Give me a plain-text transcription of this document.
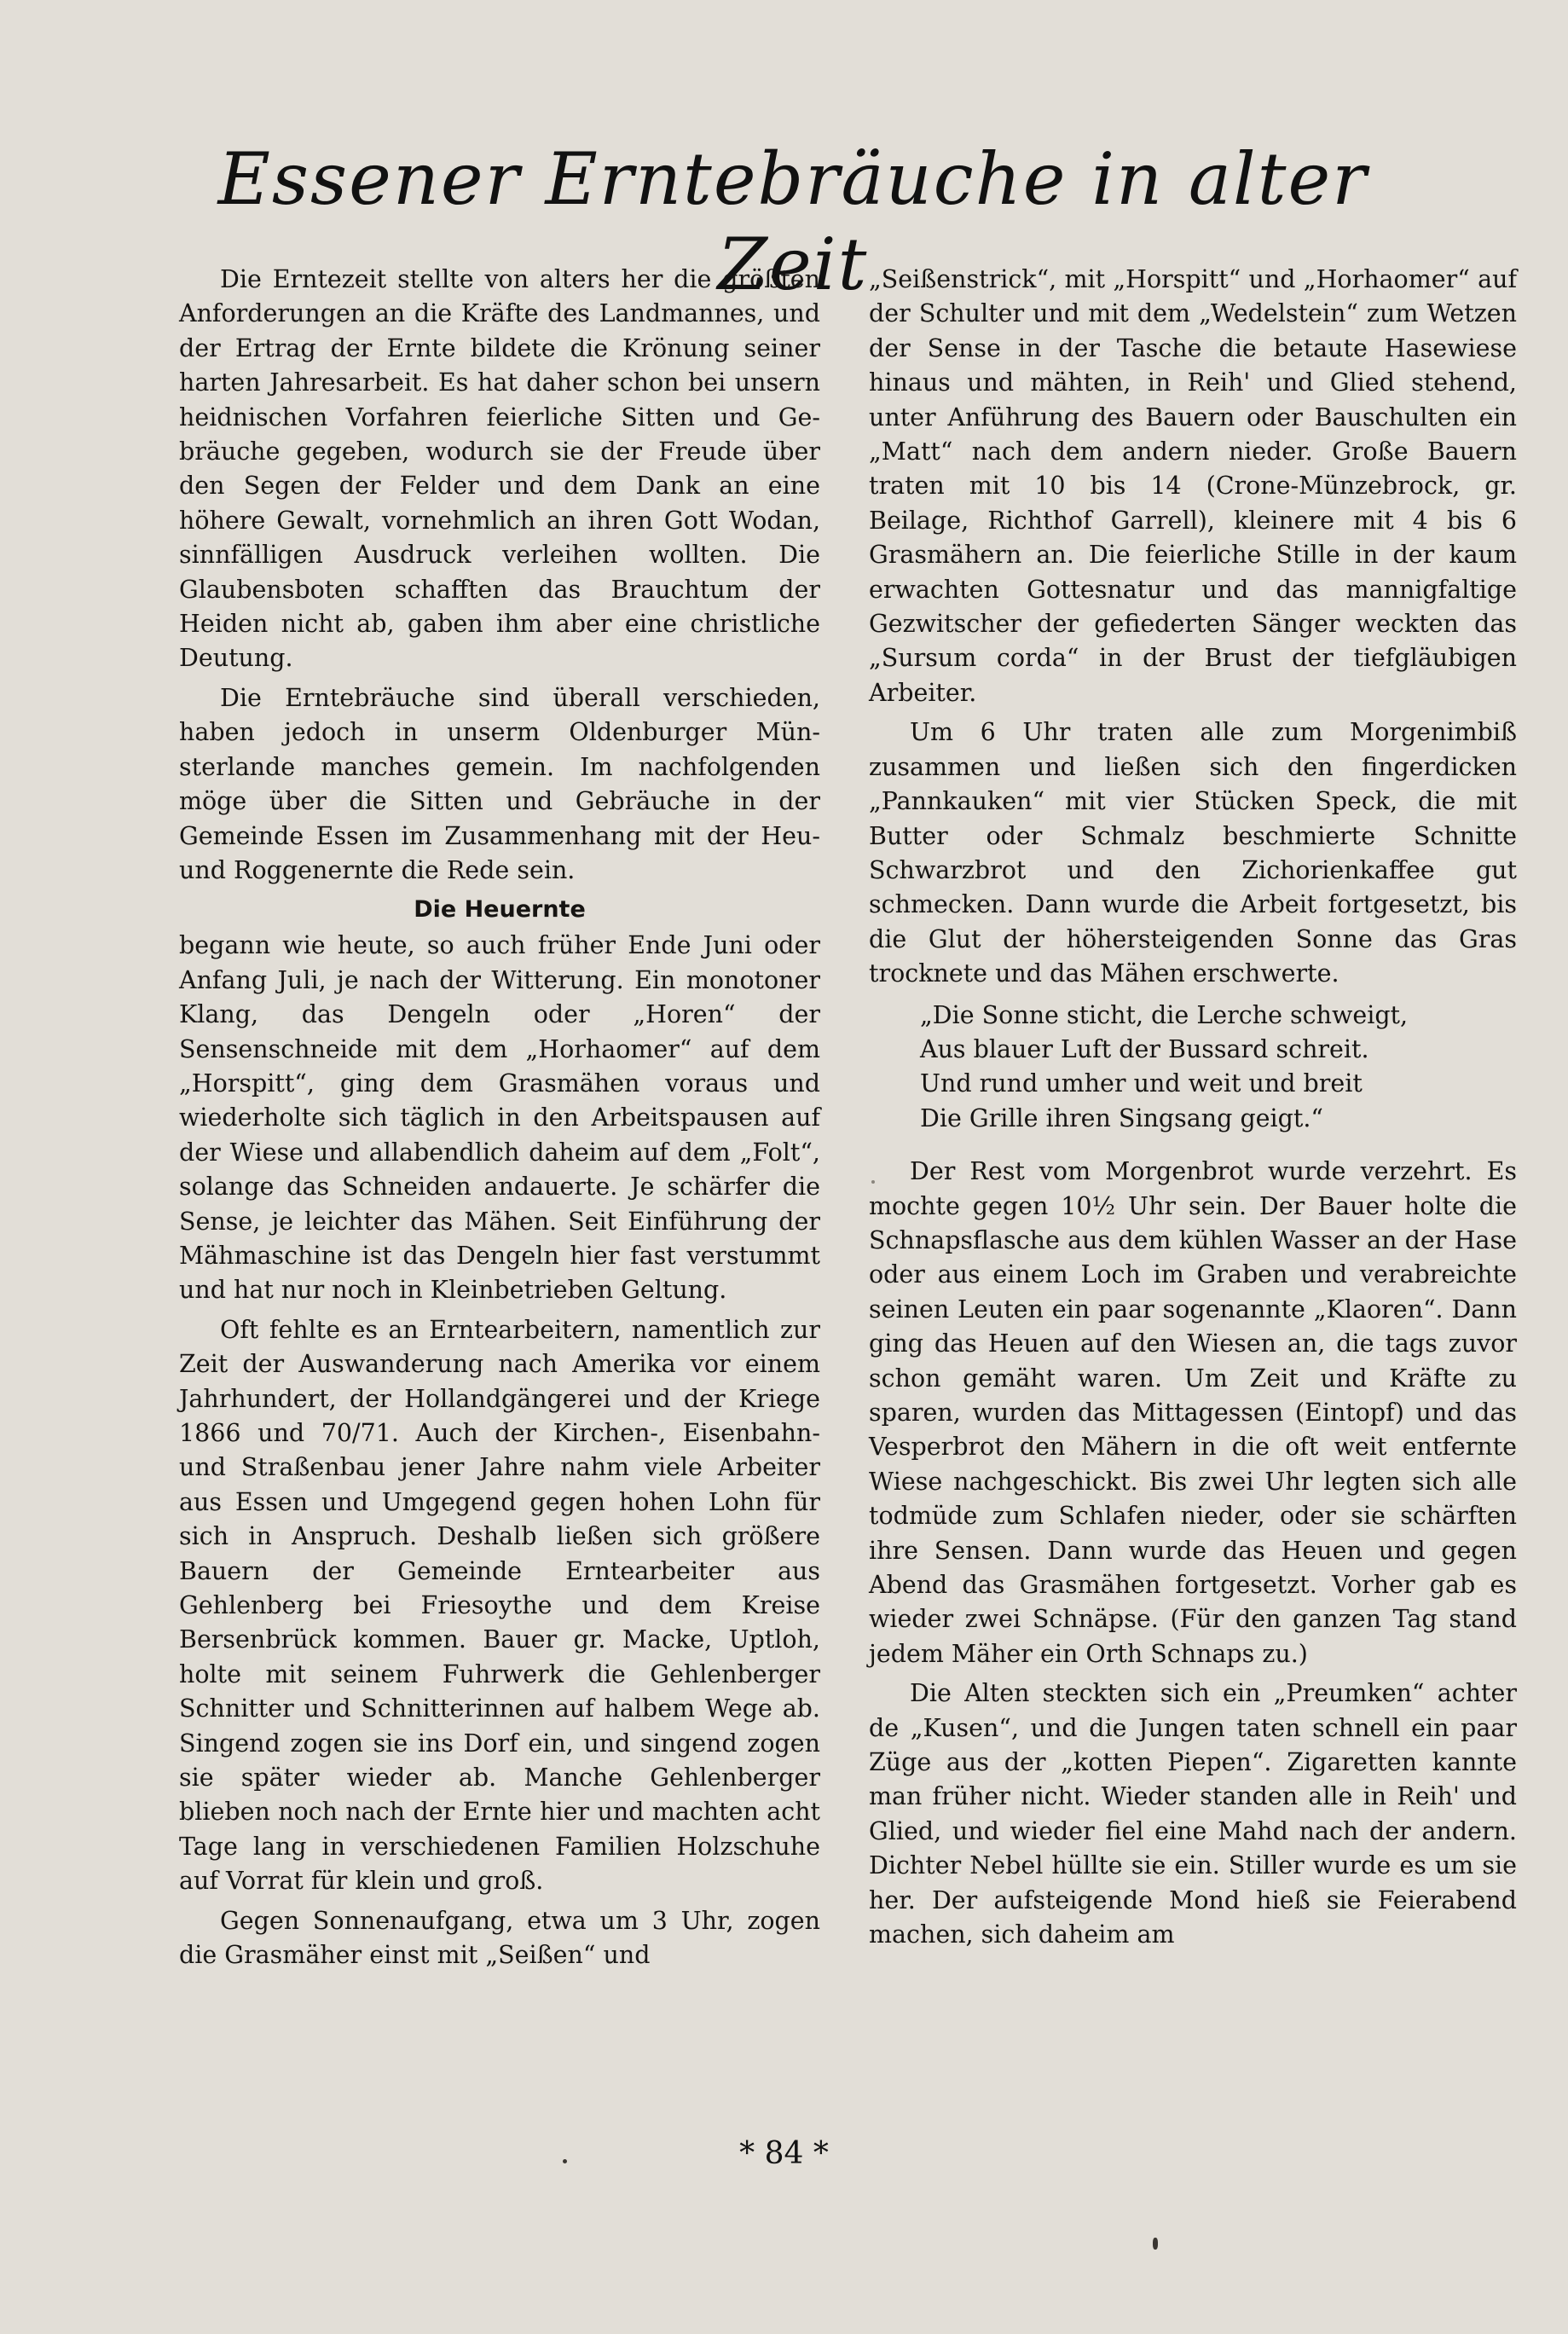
Essener Erntebräuche in alter Zeit

Die Erntezeit stellte von alters her die größten Anforderungen an die Kräfte des Landmannes, und der Ertrag der Ernte bildete die Krönung seiner harten Jahresarbeit. Es hat daher schon bei unsern heidnischen Vorfahren feierliche Sitten und Gebräuche gegeben, wodurch sie der Freude über den Segen der Felder und dem Dank an eine höhere Gewalt, vornehmlich an ihren Gott Wodan, sinnfälligen Ausdruck verleihen wollten. Die Glaubensboten schafften das Brauchtum der Heiden nicht ab, gaben ihm aber eine christliche Deutung.

Die Erntebräuche sind überall verschieden, haben jedoch in unserm Oldenburger Münsterlande manches gemein. Im nachfolgenden möge über die Sitten und Gebräuche in der Gemeinde Essen im Zusammenhang mit der Heu- und Roggenernte die Rede sein.

Die Heuernte

begann wie heute, so auch früher Ende Juni oder Anfang Juli, je nach der Witterung. Ein monotoner Klang, das Dengeln oder „Horen“ der Sensenschneide mit dem „Horhaomer“ auf dem „Horspitt“, ging dem Grasmähen voraus und wiederholte sich täglich in den Arbeitspausen auf der Wiese und allabendlich daheim auf dem „Folt“, solange das Schneiden andauerte. Je schärfer die Sense, je leichter das Mähen. Seit Einführung der Mähmaschine ist das Dengeln hier fast verstummt und hat nur noch in Kleinbetrieben Geltung.

Oft fehlte es an Erntearbeitern, namentlich zur Zeit der Auswanderung nach Amerika vor einem Jahrhundert, der Hollandgängerei und der Kriege 1866 und 70/71. Auch der Kirchen-, Eisenbahn- und Straßenbau jener Jahre nahm viele Arbeiter aus Essen und Umgegend gegen hohen Lohn für sich in Anspruch. Deshalb ließen sich größere Bauern der Gemeinde Erntearbeiter aus Gehlenberg bei Friesoythe und dem Kreise Bersenbrück kommen. Bauer gr. Macke, Uptloh, holte mit seinem Fuhrwerk die Gehlenberger Schnitter und Schnitterinnen auf halbem Wege ab. Singend zogen sie ins Dorf ein, und singend zogen sie später wieder ab. Manche Gehlenberger blieben noch nach der Ernte hier und machten acht Tage lang in verschiedenen Familien Holzschuhe auf Vorrat für klein und groß.

Gegen Sonnenaufgang, etwa um 3 Uhr, zogen die Grasmäher einst mit „Seißen“ und

„Seißenstrick“, mit „Horspitt“ und „Horhaomer“ auf der Schulter und mit dem „Wedelstein“ zum Wetzen der Sense in der Tasche die betaute Hasewiese hinaus und mähten, in Reih' und Glied stehend, unter Anführung des Bauern oder Bauschulten ein „Matt“ nach dem andern nieder. Große Bauern traten mit 10 bis 14 (Crone-Münzebrock, gr. Beilage, Richthof Garrell), kleinere mit 4 bis 6 Grasmähern an. Die feierliche Stille in der kaum erwachten Gottesnatur und das mannigfaltige Gezwitscher der gefiederten Sänger weckten das „Sursum corda“ in der Brust der tiefgläubigen Arbeiter.

Um 6 Uhr traten alle zum Morgenimbiß zusammen und ließen sich den fingerdicken „Pannkauken“ mit vier Stücken Speck, die mit Butter oder Schmalz beschmierte Schnitte Schwarzbrot und den Zichorienkaffee gut schmecken. Dann wurde die Arbeit fortgesetzt, bis die Glut der höhersteigenden Sonne das Gras trocknete und das Mähen erschwerte.

„Die Sonne sticht, die Lerche schweigt,
Aus blauer Luft der Bussard schreit.
Und rund umher und weit und breit
Die Grille ihren Singsang geigt.“

Der Rest vom Morgenbrot wurde verzehrt. Es mochte gegen 10½ Uhr sein. Der Bauer holte die Schnapsflasche aus dem kühlen Wasser an der Hase oder aus einem Loch im Graben und verabreichte seinen Leuten ein paar sogenannte „Klaoren“. Dann ging das Heuen auf den Wiesen an, die tags zuvor schon gemäht waren. Um Zeit und Kräfte zu sparen, wurden das Mittagessen (Eintopf) und das Vesperbrot den Mähern in die oft weit entfernte Wiese nachgeschickt. Bis zwei Uhr legten sich alle todmüde zum Schlafen nieder, oder sie schärften ihre Sensen. Dann wurde das Heuen und gegen Abend das Grasmähen fortgesetzt. Vorher gab es wieder zwei Schnäpse. (Für den ganzen Tag stand jedem Mäher ein Orth Schnaps zu.)

Die Alten steckten sich ein „Preumken“ achter de „Kusen“, und die Jungen taten schnell ein paar Züge aus der „kotten Piepen“. Zigaretten kannte man früher nicht. Wieder standen alle in Reih' und Glied, und wieder fiel eine Mahd nach der andern. Dichter Nebel hüllte sie ein. Stiller wurde es um sie her. Der aufsteigende Mond hieß sie Feierabend machen, sich daheim am

* 84 *
